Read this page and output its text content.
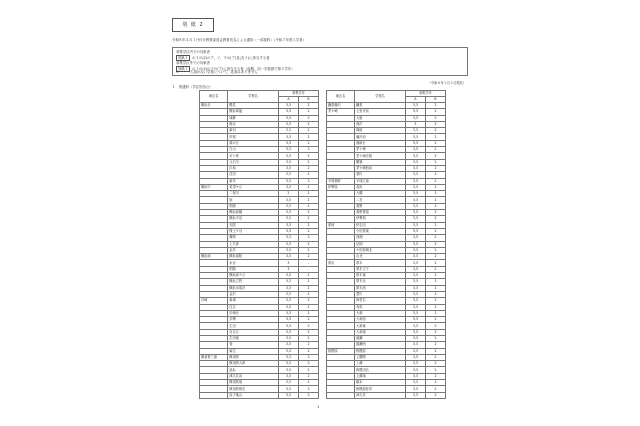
別 紙 2
令和８年４月１日付け教育委員会教育長名による通知（一部抜粋）（令和７年度入学者）
募集学区内での対象者
別紙１ の１の(2)のア、イ、ウの(ア)及び(イ)に該当する者
募集学区外での対象者
別紙１ の１の(2)のウの(ア)に該当する者（前期、同一学校群で第２学年）
※ ・・・欠員がない学校について、応募はありません
（令和８年１月２日現在）
１　普通科（学区別含む）
地区名	学校名	募集学年	
		A	B
横浜北	鶴見	3,3	2
	横浜翠嵐	3,3	2
	城郷	3,3	2
	港北	3,3	2
	新羽	3,3	2
	岸根	3,3	2
	霧が丘	3,3	2
	白山	3,3	2
	市ケ尾	3,3	2
	元石川	3,3	2
	川和	3,3	2
	荏田	3,3	2
	新栄	3,3	2
横浜中	希望ケ丘	3,3	2
	二俣川	2	2
	旭	3,3	2
	松陽	3,3	2
	横浜緑園	3,3	2
	横浜平沼	3,3	2
	光陵	3,3	2
	保土ケ谷	3,3	2
	舞岡	3,3	2
	上矢部	3,3	2
	金井	3,3	2
横浜南	横浜南陵	3,3	2
	永谷	3	-
	柏陽	3	-
	横浜緑ケ丘	3,3	2
	横浜立野	3,3	2
	横浜氷取沢	3,3	2
	金沢	3,3	2
川崎	新城	3,3	2
	住吉	3,3	2
	川崎北	3,3	2
	多摩	3,3	2
	生田	3,3	2
	百合丘	3,3	2
	生田東	3,3	2
	菅	3,3	2
	麻生	3,3	2
横須賀三浦	横須賀	3,3	2
	横須賀大津	3,3	2
	追浜	3,3	2
	津久井浜	3,3	2
	横須賀南	3,3	2
	横須賀明光	3,3	2
	逗子葉山	3,3	2
地区名	学校名	募集学年	
		A	B
鎌倉藤沢	鎌倉	3,3	2
茅ケ崎	七里ガ浜	3,3	2
	大船	3,3	2
	深沢	3	2
	湘南	3,3	2
	藤沢西	3,3	2
	湘南台	3,3	2
	茅ケ崎	3,3	2
	茅ケ崎北陵	3,3	2
	鶴嶺	3,3	2
	茅ケ崎西浜	3,3	2
	寒川	3,3	2
平塚秦野	平塚江南	3,3	2
伊勢原	高浜	3,3	2
	大磯	3,3	2
	二宮	3,3	2
	秦野	3,3	2
	秦野曽屋	3,3	2
	伊勢原	3,3	2
県西	伊志田	3,3	2
	小田原東	3,3	2
	西湘	3,3	2
	足柄	3,3	2
	小田原城北	3,3	2
	山北	3,3	2
県央	厚木	3,3	2
	厚木王子	3,3	2
	厚木東	3,3	2
	厚木北	3,3	2
	厚木西	3,3	2
	愛川	3,3	2
	海老名	3,3	2
	有馬	3,3	2
	大和	3,3	2
	大和西	3,3	2
	大和東	3,3	2
	大和南	3,3	2
	綾瀬	3,3	2
	綾瀬西	3,3	2
相模原	相模原	3,3	2
	上鶴間	3,3	2
	上溝	3,3	2
	相模田名	3,3	2
	上溝南	3,3	2
	橋本	3,3	2
	相模原弥栄	3,3	2
	津久井	3,3	2
1
